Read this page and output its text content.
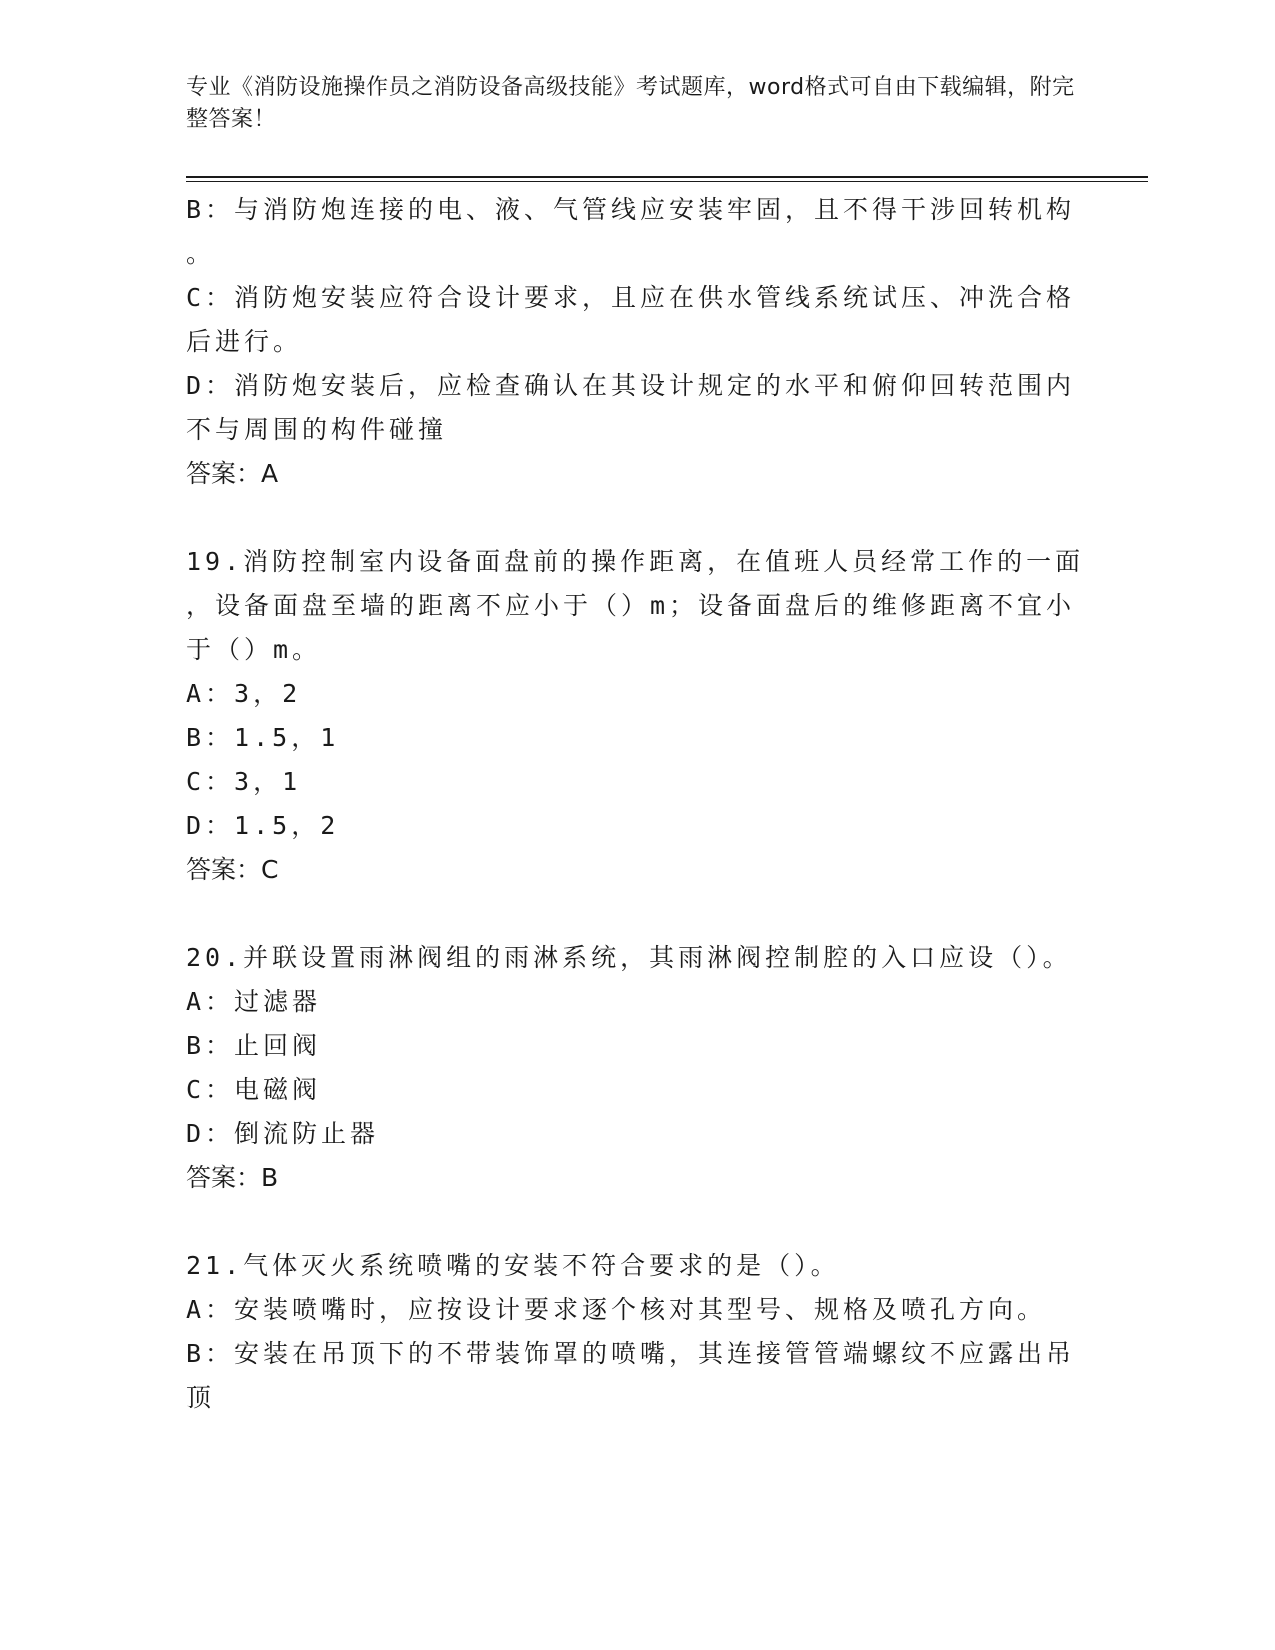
专业《消防设施操作员之消防设备高级技能》考试题库，word格式可自由下载编辑，附完整答案！
B：与消防炮连接的电、液、气管线应安装牢固，且不得干涉回转机构
。
C：消防炮安装应符合设计要求，且应在供水管线系统试压、冲洗合格
后进行。
D：消防炮安装后，应检查确认在其设计规定的水平和俯仰回转范围内
不与周围的构件碰撞
答案：A
19.消防控制室内设备面盘前的操作距离，在值班人员经常工作的一面
，设备面盘至墙的距离不应小于（）m；设备面盘后的维修距离不宜小
于（）m。
A：3，2
B：1.5，1
C：3，1
D：1.5，2
答案：C
20.并联设置雨淋阀组的雨淋系统，其雨淋阀控制腔的入口应设（）。
A：过滤器
B：止回阀
C：电磁阀
D：倒流防止器
答案：B
21.气体灭火系统喷嘴的安装不符合要求的是（）。
A：安装喷嘴时，应按设计要求逐个核对其型号、规格及喷孔方向。
B：安装在吊顶下的不带装饰罩的喷嘴，其连接管管端螺纹不应露出吊
顶
